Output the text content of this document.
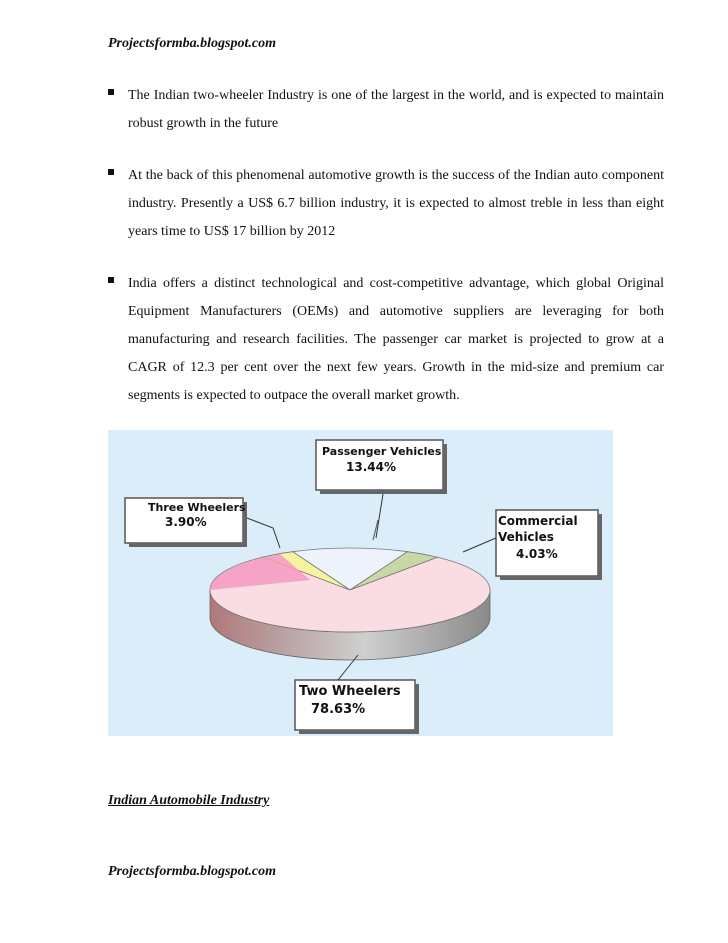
Projectsformba.blogspot.com
The Indian two-wheeler Industry is one of the largest in the world, and is expected to maintain robust growth in the future
At the back of this phenomenal automotive growth is the success of the Indian auto component industry. Presently a US$ 6.7 billion industry, it is expected to almost treble in less than eight years time to US$ 17 billion by 2012
India offers a distinct technological and cost-competitive advantage, which global Original Equipment Manufacturers (OEMs) and automotive suppliers are leveraging for both manufacturing and research facilities. The passenger car market is projected to grow at a CAGR of 12.3 per cent over the next few years. Growth in the mid-size and premium car segments is expected to outpace the overall market growth.
Passenger Vehicles
13.44%
Three Wheelers
3.90%	Commercial
Vehicles
4.03%
Two Wheelers
78.63%
Indian Automobile Industry
Projectsformba.blogspot.com
